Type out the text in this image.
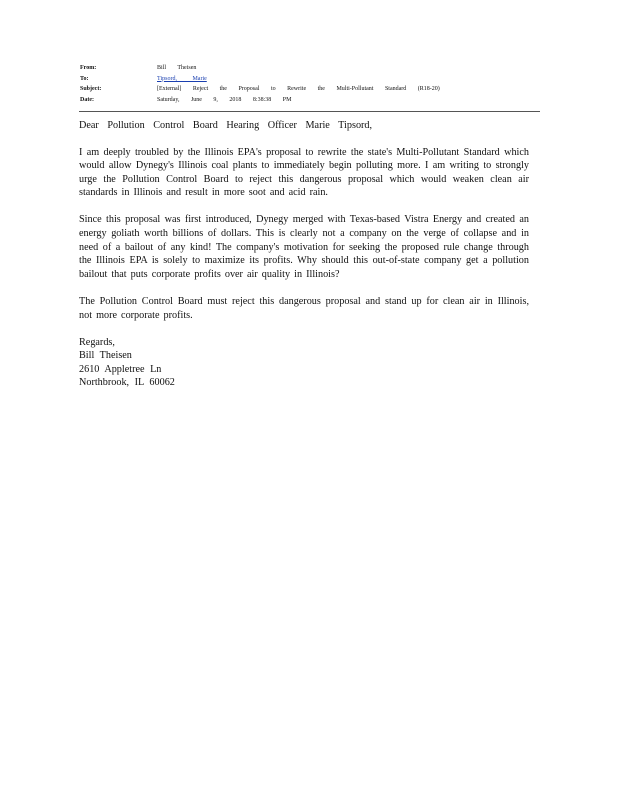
From:	Bill Theisen
To:	Tipsord, Marie
Subject:	[External] Reject the Proposal to Rewrite the Multi-Pollutant Standard (R18-20)
Date:	Saturday, June 9, 2018 8:38:38 PM

Dear Pollution Control Board Hearing Officer Marie Tipsord,

I am deeply troubled by the Illinois EPA's proposal to rewrite the state's Multi-Pollutant Standard which would allow Dynegy's Illinois coal plants to immediately begin polluting more. I am writing to strongly urge the Pollution Control Board to reject this dangerous proposal which would weaken clean air standards in Illinois and result in more soot and acid rain.

Since this proposal was first introduced, Dynegy merged with Texas-based Vistra Energy and created an energy goliath worth billions of dollars. This is clearly not a company on the verge of collapse and in need of a bailout of any kind! The company's motivation for seeking the proposed rule change through the Illinois EPA is solely to maximize its profits. Why should this out-of-state company get a pollution bailout that puts corporate profits over air quality in Illinois?

The Pollution Control Board must reject this dangerous proposal and stand up for clean air in Illinois, not more corporate profits.

Regards,
Bill Theisen
2610 Appletree Ln
Northbrook, IL 60062
